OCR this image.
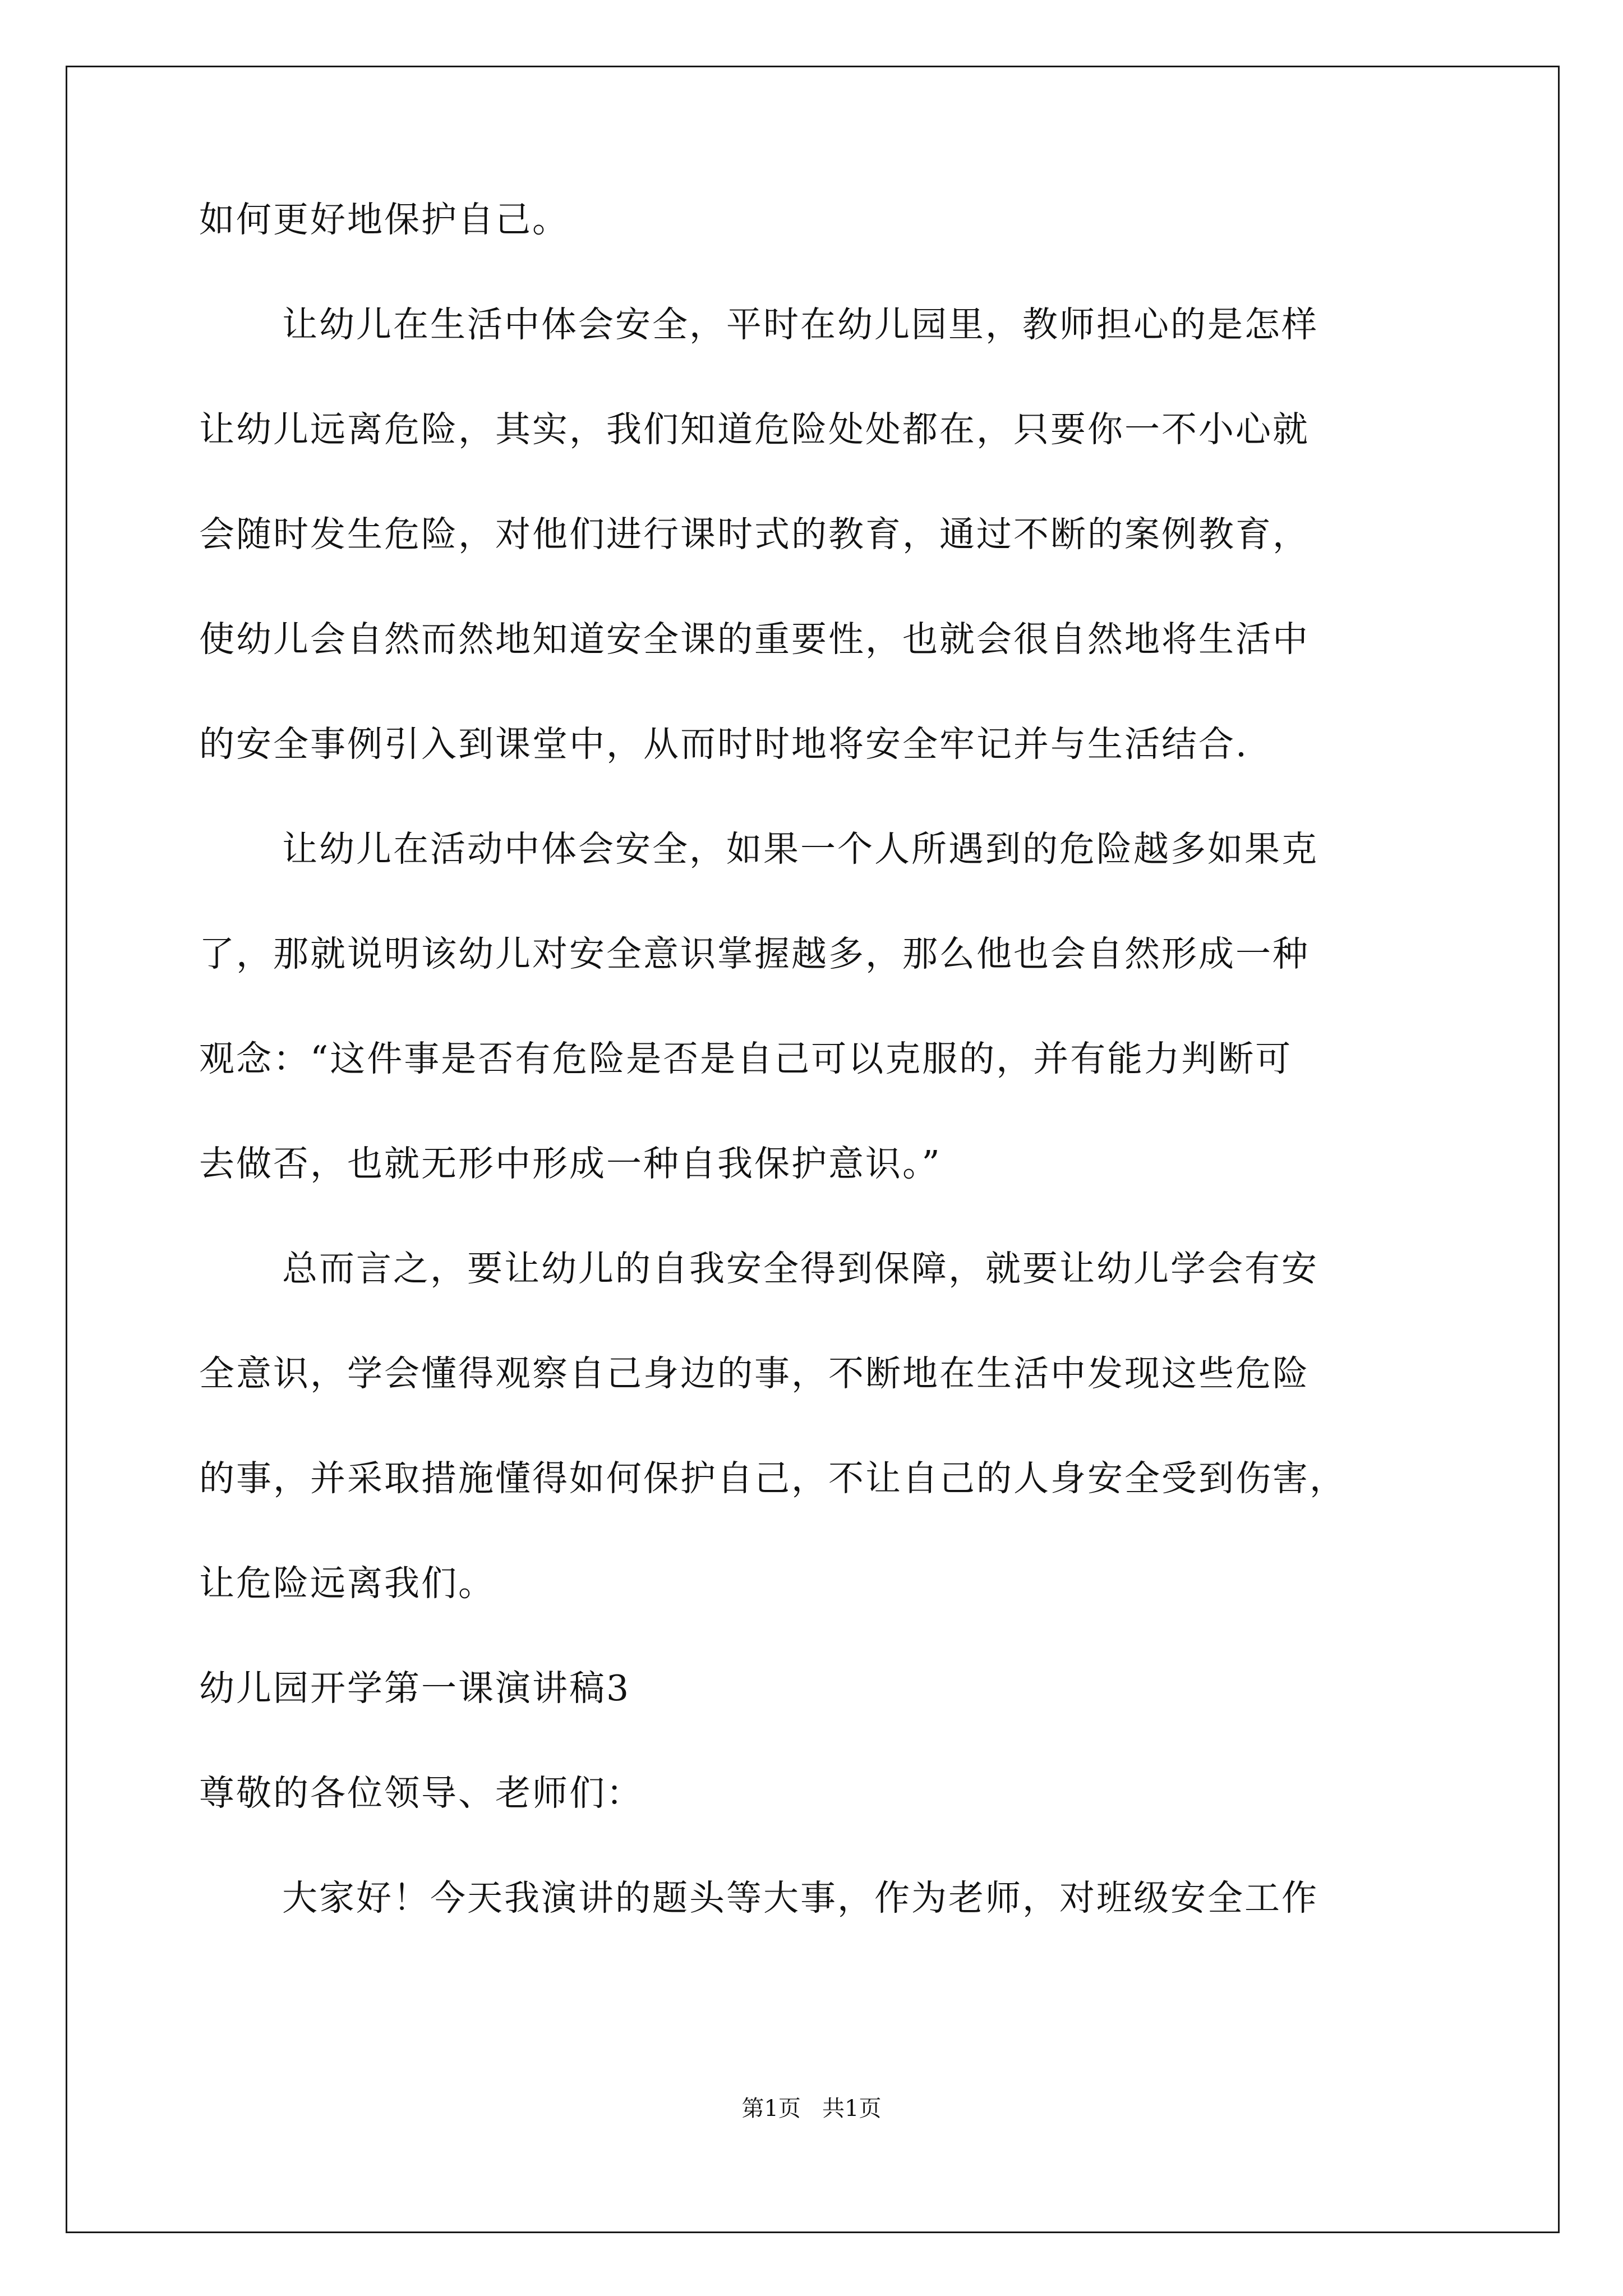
如何更好地保护自己。
让幼儿在生活中体会安全，平时在幼儿园里，教师担心的是怎样
让幼儿远离危险，其实，我们知道危险处处都在，只要你一不小心就
会随时发生危险，对他们进行课时式的教育，通过不断的案例教育，
使幼儿会自然而然地知道安全课的重要性，也就会很自然地将生活中
的安全事例引入到课堂中，从而时时地将安全牢记并与生活结合.
让幼儿在活动中体会安全，如果一个人所遇到的危险越多如果克
了，那就说明该幼儿对安全意识掌握越多，那么他也会自然形成一种
观念：“这件事是否有危险是否是自己可以克服的，并有能力判断可
去做否，也就无形中形成一种自我保护意识。”
总而言之，要让幼儿的自我安全得到保障，就要让幼儿学会有安
全意识，学会懂得观察自己身边的事，不断地在生活中发现这些危险
的事，并采取措施懂得如何保护自己，不让自己的人身安全受到伤害，
让危险远离我们。
幼儿园开学第一课演讲稿3
尊敬的各位领导、老师们：
大家好！今天我演讲的题头等大事，作为老师，对班级安全工作
第1页   共1页
